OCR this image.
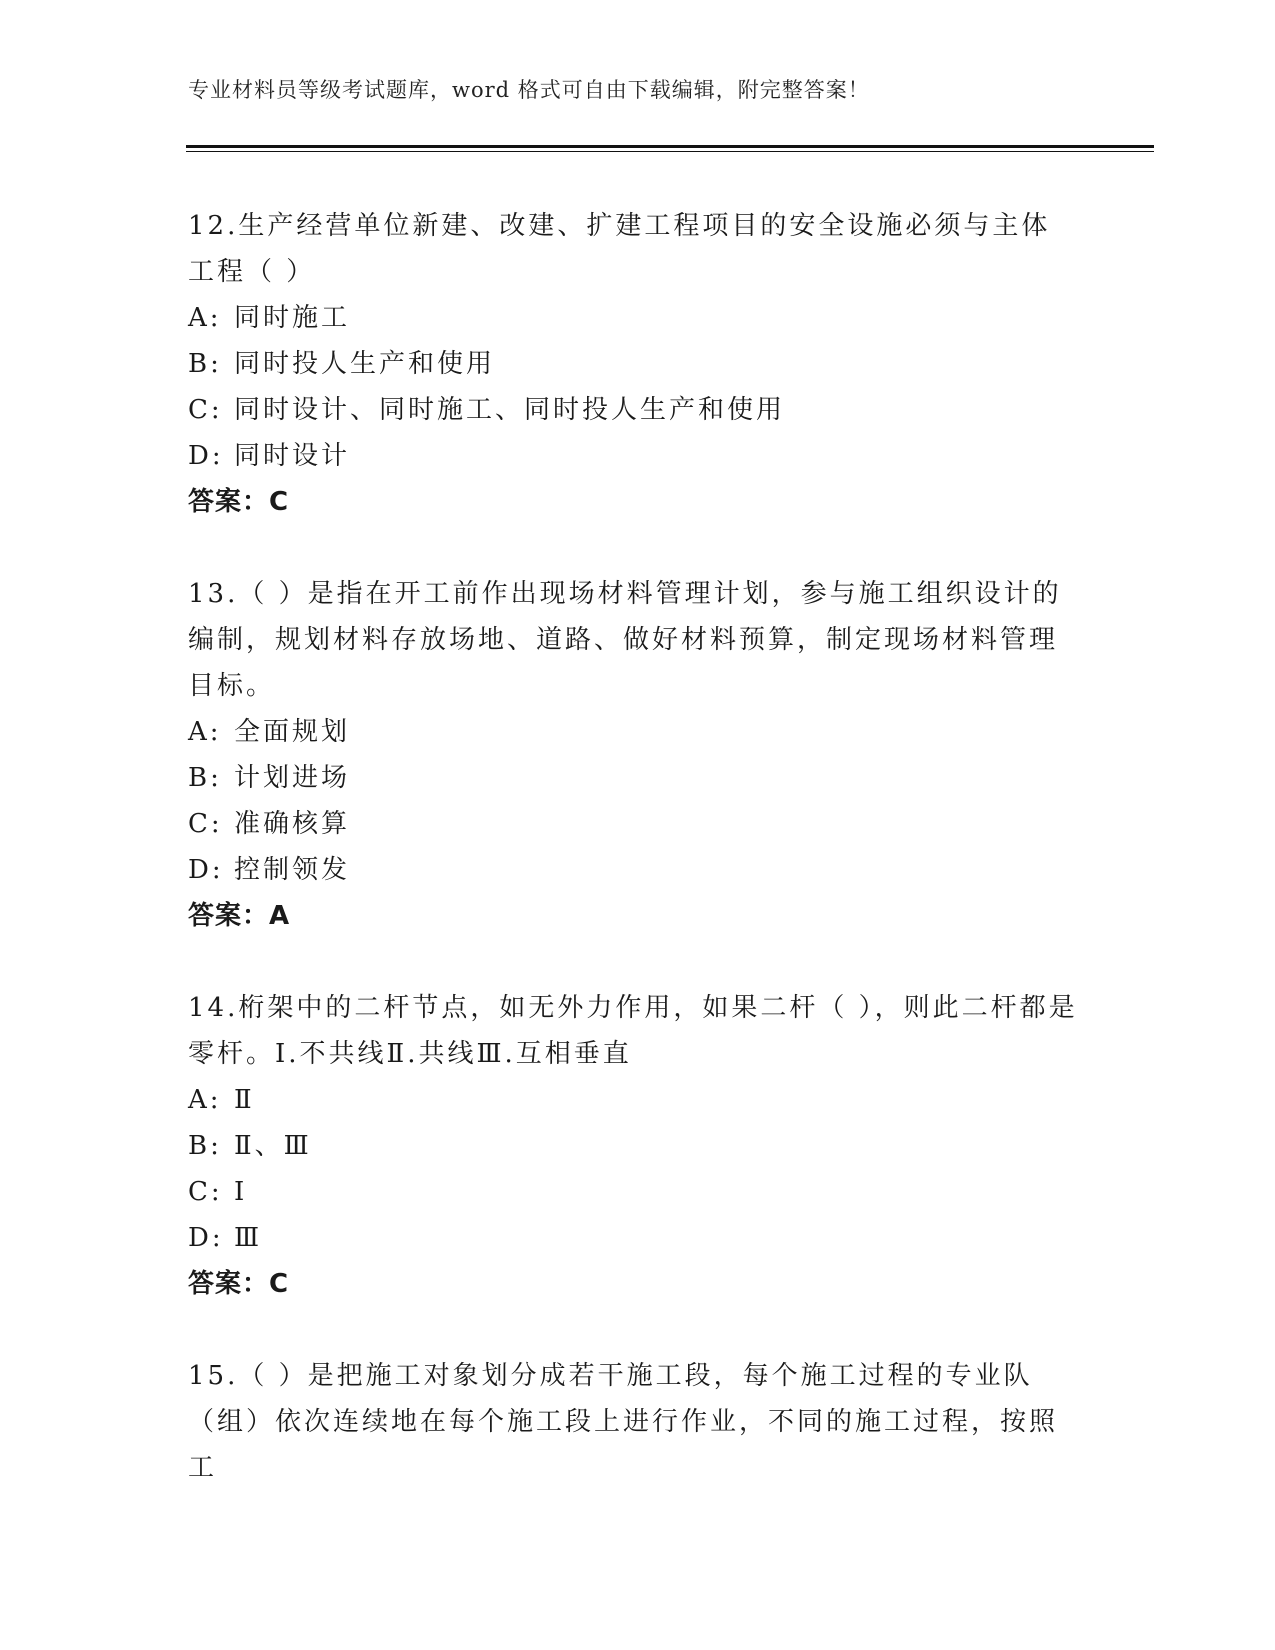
专业材料员等级考试题库，word 格式可自由下载编辑，附完整答案！

12.生产经营单位新建、改建、扩建工程项目的安全设施必须与主体工程（ ）

A: 同时施工

B: 同时投人生产和使用

C: 同时设计、同时施工、同时投人生产和使用

D: 同时设计

答案：C

13.（ ）是指在开工前作出现场材料管理计划，参与施工组织设计的编制，规划材料存放场地、道路、做好材料预算，制定现场材料管理目标。

A: 全面规划

B: 计划进场

C: 准确核算

D: 控制领发

答案：A

14.桁架中的二杆节点，如无外力作用，如果二杆（ ），则此二杆都是零杆。I.不共线Ⅱ.共线Ⅲ.互相垂直

A: Ⅱ

B: Ⅱ、Ⅲ

C: Ⅰ

D: Ⅲ

答案：C

15.（ ）是把施工对象划分成若干施工段，每个施工过程的专业队（组）依次连续地在每个施工段上进行作业，不同的施工过程，按照工
